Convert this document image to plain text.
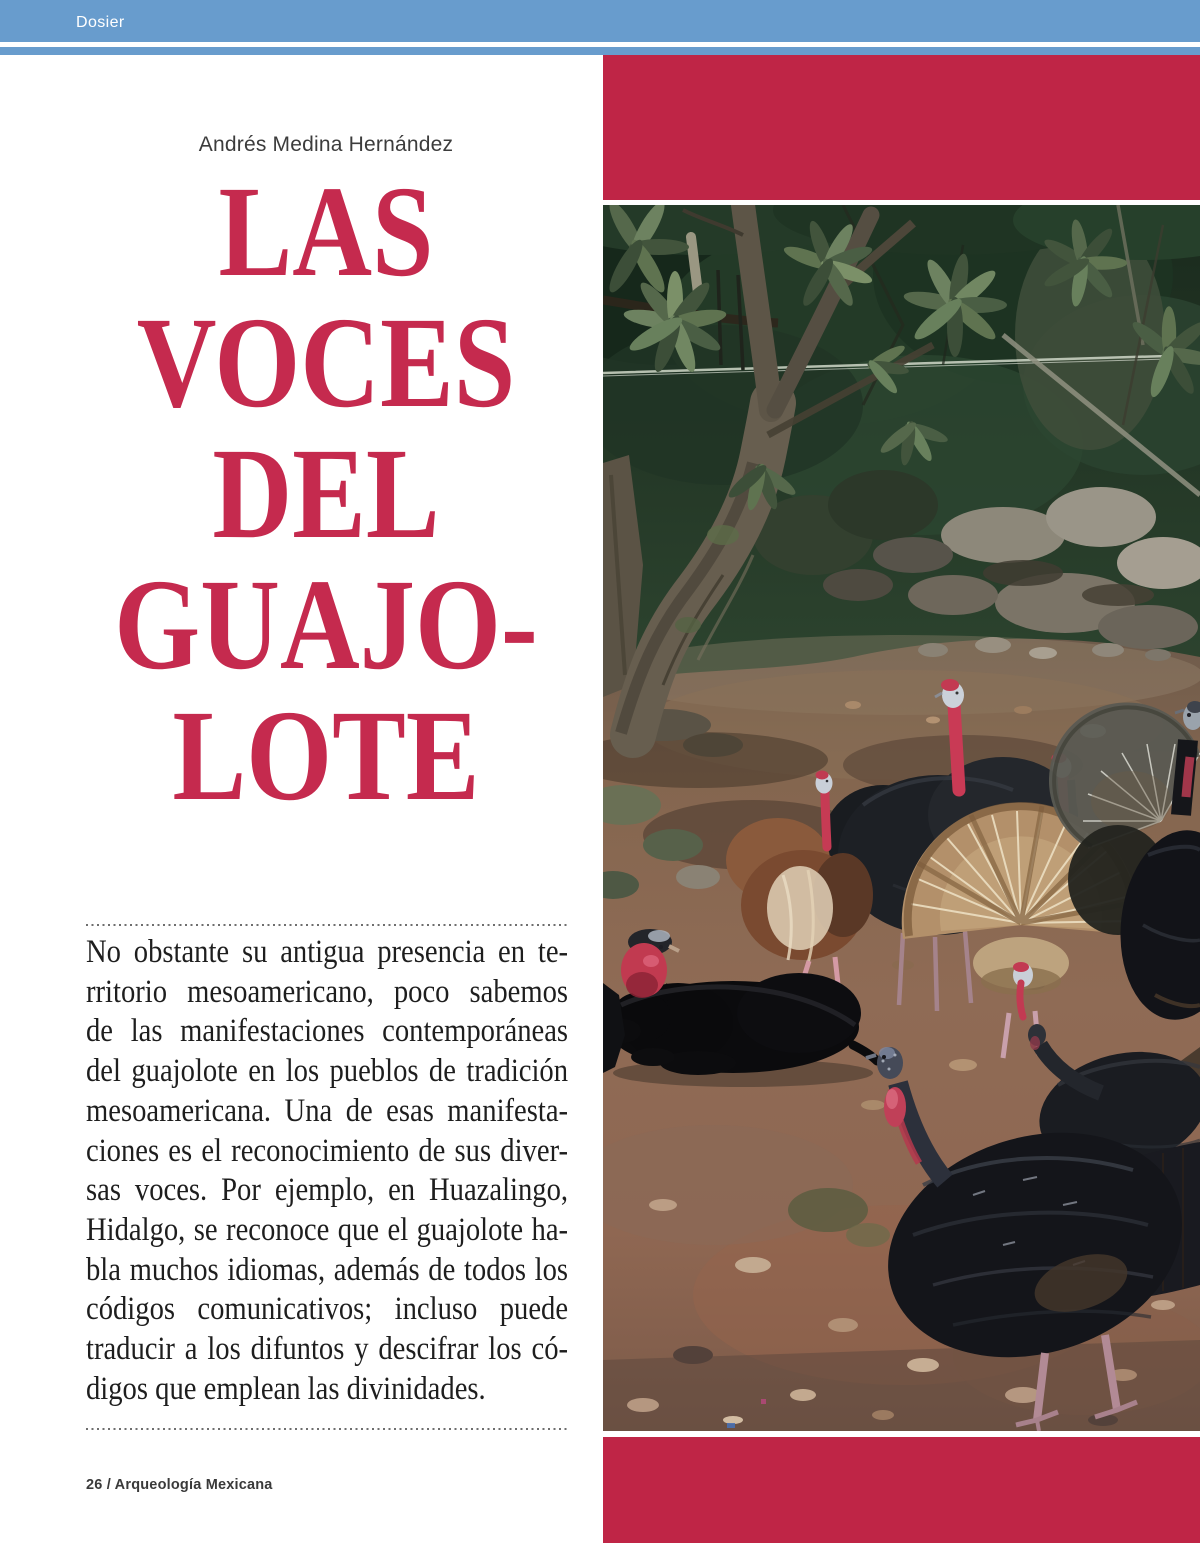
Dosier
Andrés Medina Hernández
LAS
VOCES
DEL
GUAJO-
LOTE
No obstante su antigua presencia en te-
rritorio mesoamericano, poco sabemos
de las manifestaciones contemporáneas
del guajolote en los pueblos de tradición
mesoamericana. Una de esas manifesta-
ciones es el reconocimiento de sus diver-
sas voces. Por ejemplo, en Huazalingo,
Hidalgo, se reconoce que el guajolote ha-
bla muchos idiomas, además de todos los
códigos comunicativos; incluso puede
traducir a los difuntos y descifrar los có-
digos que emplean las divinidades.
26 / Arqueología Mexicana
